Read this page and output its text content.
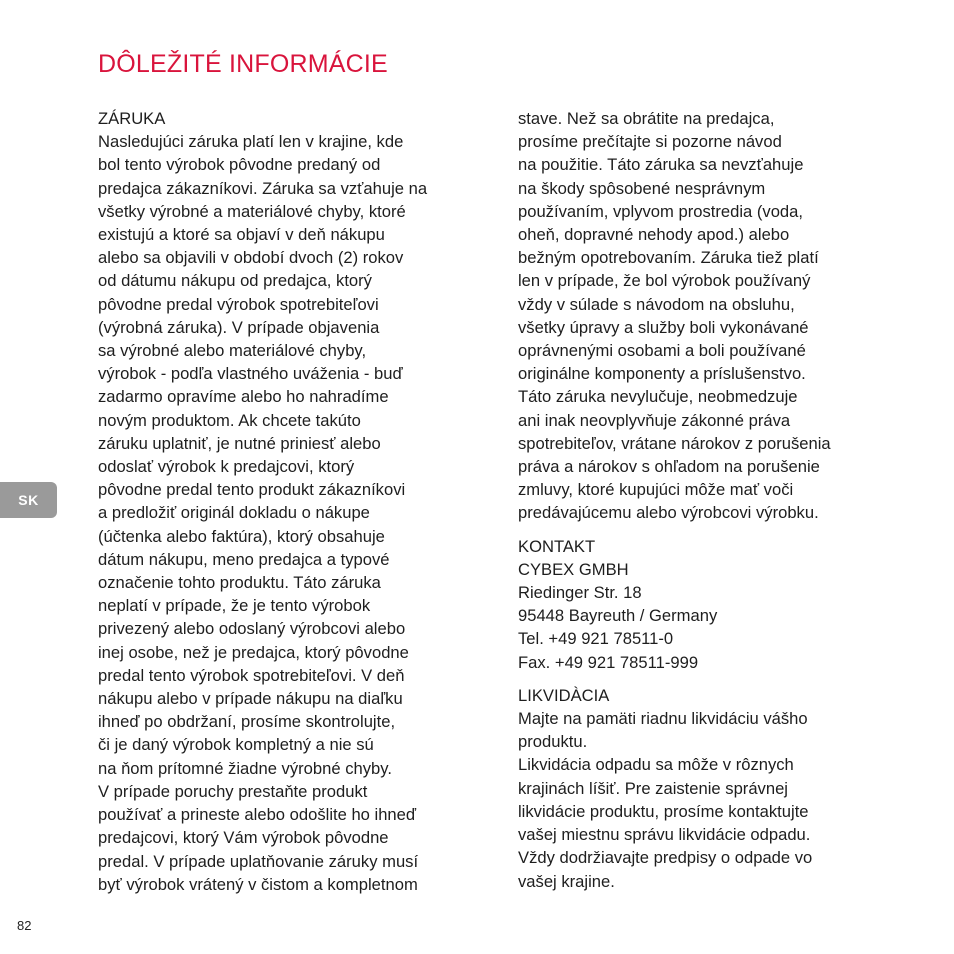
DÔLEŽITÉ INFORMÁCIE
ZÁRUKA
Nasledujúci záruka platí len v krajine, kde
bol tento výrobok pôvodne predaný od
predajca zákazníkovi. Záruka sa vzťahuje na
všetky výrobné a materiálové chyby, ktoré
existujú a ktoré sa objaví v deň nákupu
alebo sa objavili v období dvoch (2) rokov
od dátumu nákupu od predajca, ktorý
pôvodne predal výrobok spotrebiteľovi
(výrobná záruka). V prípade objavenia
sa výrobné alebo materiálové chyby,
výrobok - podľa vlastného uváženia - buď
zadarmo opravíme alebo ho nahradíme
novým produktom. Ak chcete takúto
záruku uplatniť, je nutné priniesť alebo
odoslať výrobok k predajcovi, ktorý
pôvodne predal tento produkt zákazníkovi
a predložiť originál dokladu o nákupe
(účtenka alebo faktúra), ktorý obsahuje
dátum nákupu, meno predajca a typové
označenie tohto produktu. Táto záruka
neplatí v prípade, že je tento výrobok
privezený alebo odoslaný výrobcovi alebo
inej osobe, než je predajca, ktorý pôvodne
predal tento výrobok spotrebiteľovi. V deň
nákupu alebo v prípade nákupu na diaľku
ihneď po obdržaní, prosíme skontrolujte,
či je daný výrobok kompletný a nie sú
na ňom prítomné žiadne výrobné chyby.
V prípade poruchy prestaňte produkt
používať a prineste alebo odošlite ho ihneď
predajcovi, ktorý Vám výrobok pôvodne
predal. V prípade uplatňovanie záruky musí
byť výrobok vrátený v čistom a kompletnom
stave. Než sa obrátite na predajca,
prosíme prečítajte si pozorne návod
na použitie. Táto záruka sa nevzťahuje
na škody spôsobené nesprávnym
používaním, vplyvom prostredia (voda,
oheň, dopravné nehody apod.) alebo
bežným opotrebovaním. Záruka tiež platí
len v prípade, že bol výrobok používaný
vždy v súlade s návodom na obsluhu,
všetky úpravy a služby boli vykonávané
oprávnenými osobami a boli používané
originálne komponenty a príslušenstvo.
Táto záruka nevylučuje, neobmedzuje
ani inak neovplyvňuje zákonné práva
spotrebiteľov, vrátane nárokov z porušenia
práva a nárokov s ohľadom na porušenie
zmluvy, ktoré kupujúci môže mať voči
predávajúcemu alebo výrobcovi výrobku.
KONTAKT
CYBEX GMBH
Riedinger Str. 18
95448 Bayreuth / Germany
Tel. +49 921 78511-0
Fax. +49 921 78511-999
LIKVIDÀCIA
Majte na pamäti riadnu likvidáciu vášho
produktu.
Likvidácia odpadu sa môže v rôznych
krajinách líšiť. Pre zaistenie správnej
likvidácie produktu, prosíme kontaktujte
vašej miestnu správu likvidácie odpadu.
Vždy dodržiavajte predpisy o odpade vo
vašej krajine.
SK
82
